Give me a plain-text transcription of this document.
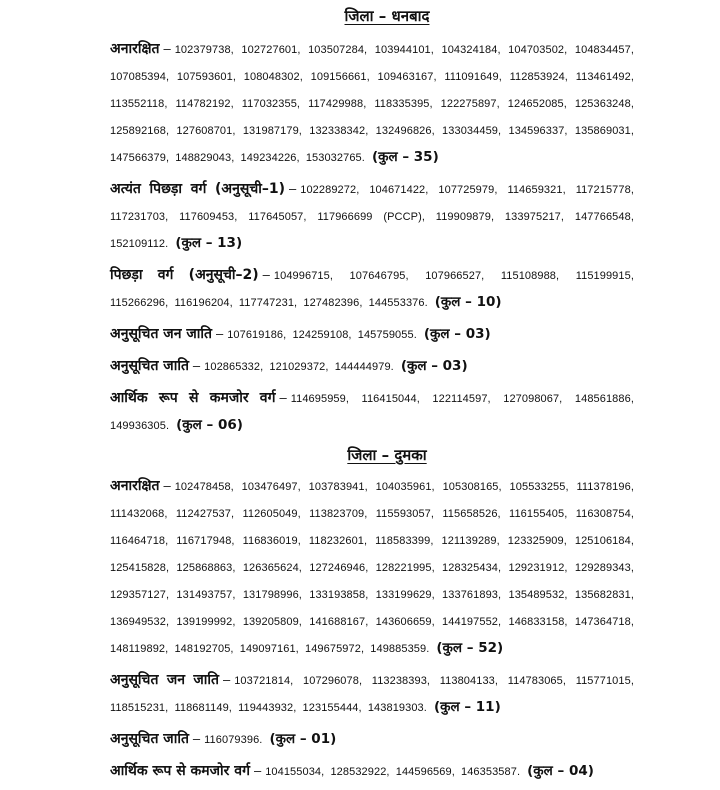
जिला – धनबाद

अनारक्षित – 102379738, 102727601, 103507284, 103944101, 104324184, 104703502, 104834457, 107085394, 107593601, 108048302, 109156661, 109463167, 111091649, 112853924, 113461492, 113552118, 114782192, 117032355, 117429988, 118335395, 122275897, 124652085, 125363248, 125892168, 127608701, 131987179, 132338342, 132496826, 133034459, 134596337, 135869031, 147566379, 148829043, 149234226, 153032765. (कुल – 35)

अत्यंत पिछड़ा वर्ग (अनुसूची–1) – 102289272, 104671422, 107725979, 114659321, 117215778, 117231703, 117609453, 117645057, 117966699 (PCCP), 119909879, 133975217, 147766548, 152109112. (कुल – 13)

पिछड़ा वर्ग (अनुसूची–2) – 104996715, 107646795, 107966527, 115108988, 115199915, 115266296, 116196204, 117747231, 127482396, 144553376. (कुल – 10)

अनुसूचित जन जाति – 107619186, 124259108, 145759055. (कुल – 03)

अनुसूचित जाति – 102865332, 121029372, 144444979. (कुल – 03)

आर्थिक रूप से कमजोर वर्ग – 114695959, 116415044, 122114597, 127098067, 148561886, 149936305. (कुल – 06)

जिला – दुमका

अनारक्षित – 102478458, 103476497, 103783941, 104035961, 105308165, 105533255, 111378196, 111432068, 112427537, 112605049, 113823709, 115593057, 115658526, 116155405, 116308754, 116464718, 116717948, 116836019, 118232601, 118583399, 121139289, 123325909, 125106184, 125415828, 125868863, 126365624, 127246946, 128221995, 128325434, 129231912, 129289343, 129357127, 131493757, 131798996, 133193858, 133199629, 133761893, 135489532, 135682831, 136949532, 139199992, 139205809, 141688167, 143606659, 144197552, 146833158, 147364718, 148119892, 148192705, 149097161, 149675972, 149885359. (कुल – 52)

अनुसूचित जन जाति – 103721814, 107296078, 113238393, 113804133, 114783065, 115771015, 118515231, 118681149, 119443932, 123155444, 143819303. (कुल – 11)

अनुसूचित जाति – 116079396. (कुल – 01)

आर्थिक रूप से कमजोर वर्ग – 104155034, 128532922, 144596569, 146353587. (कुल – 04)
